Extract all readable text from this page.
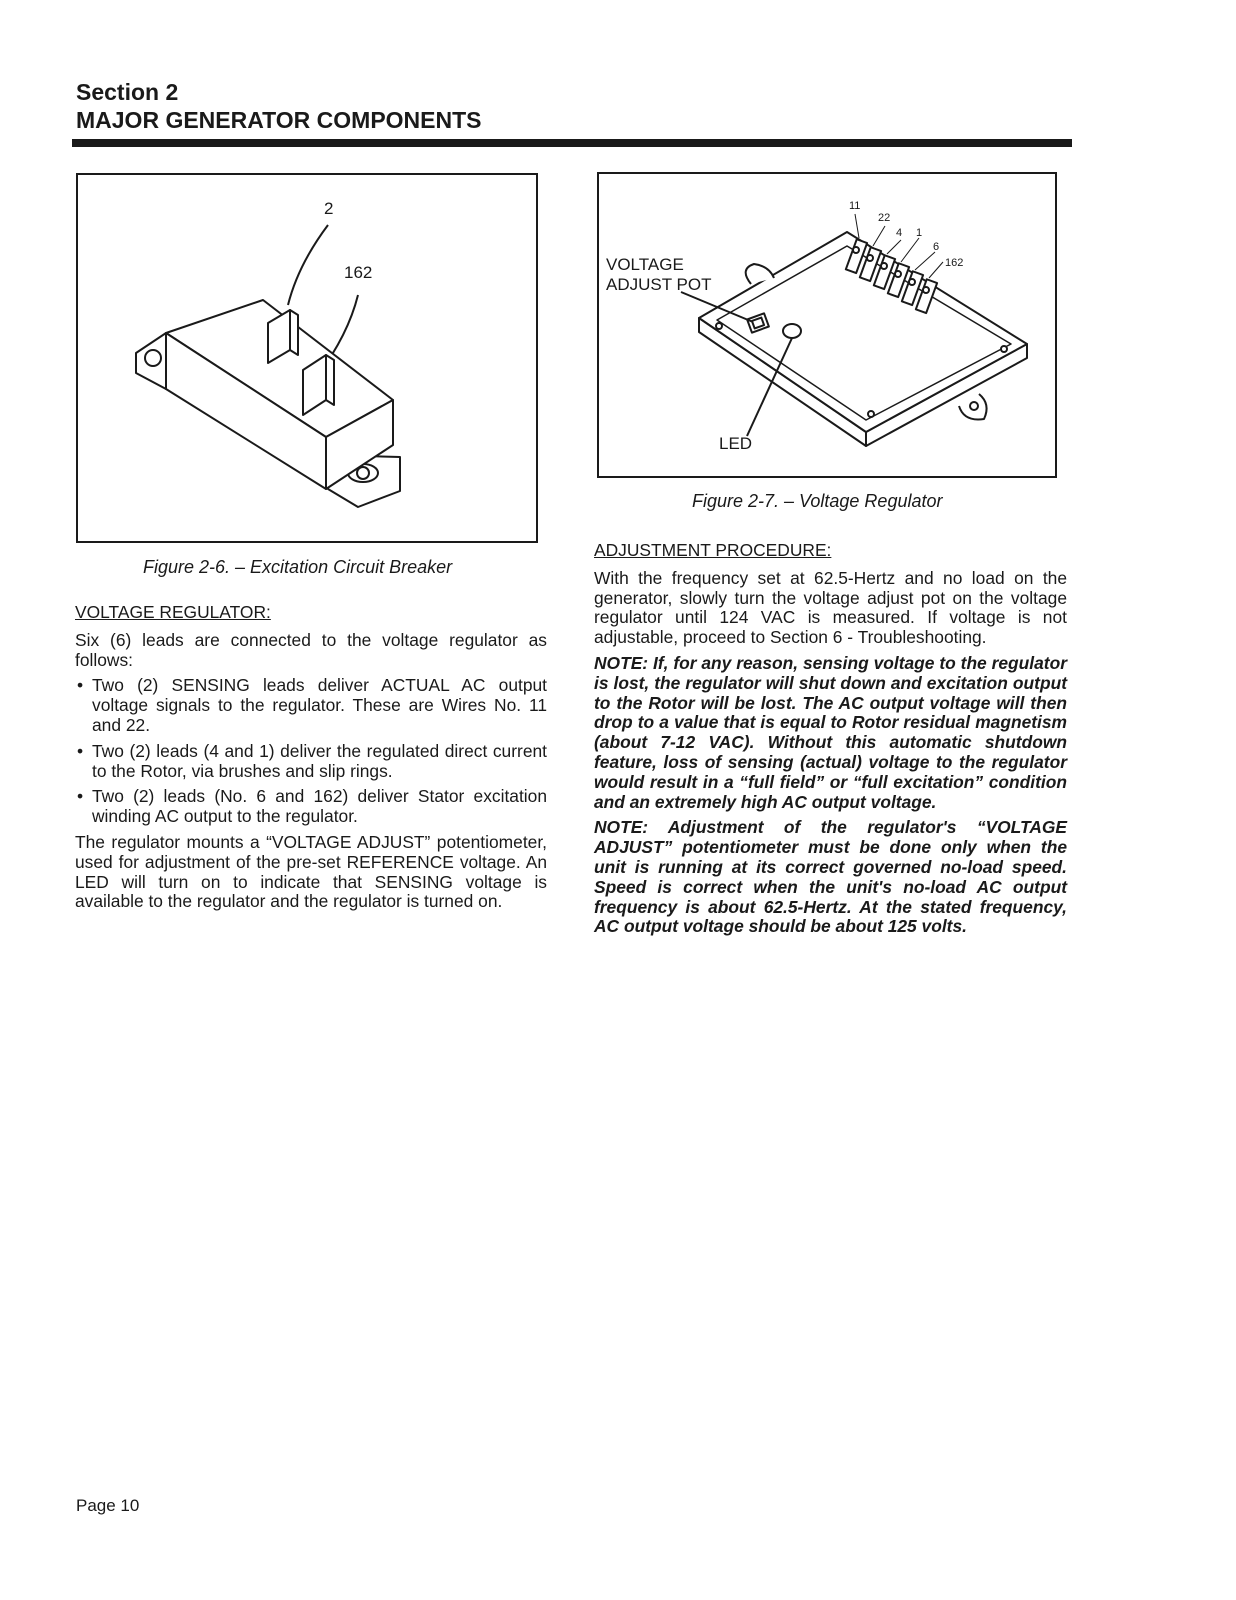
Section 2

MAJOR GENERATOR COMPONENTS

2
162	VOLTAGE
ADJUST POT
LED
11
22
4 1
6
162
Figure 2-7. – Voltage Regulator
Figure 2-6. – Excitation Circuit Breaker

VOLTAGE REGULATOR:

Six (6) leads are connected to the voltage regulator as follows:

• Two (2) SENSING leads deliver ACTUAL AC output voltage signals to the regulator. These are Wires No. 11 and 22.
• Two (2) leads (4 and 1) deliver the regulated direct current to the Rotor, via brushes and slip rings.
• Two (2) leads (No. 6 and 162) deliver Stator excitation winding AC output to the regulator.

The regulator mounts a “VOLTAGE ADJUST” potentiometer, used for adjustment of the pre-set REFERENCE voltage. An LED will turn on to indicate that SENSING voltage is available to the regulator and the regulator is turned on.

ADJUSTMENT PROCEDURE:

With the frequency set at 62.5-Hertz and no load on the generator, slowly turn the voltage adjust pot on the voltage regulator until 124 VAC is measured. If voltage is not adjustable, proceed to Section 6 - Troubleshooting.

NOTE: If, for any reason, sensing voltage to the regulator is lost, the regulator will shut down and excitation output to the Rotor will be lost. The AC output voltage will then drop to a value that is equal to Rotor residual magnetism (about 7-12 VAC). Without this automatic shutdown feature, loss of sensing (actual) voltage to the regulator would result in a “full field” or “full excitation” condition and an extremely high AC output voltage.

NOTE: Adjustment of the regulator's “VOLTAGE ADJUST” potentiometer must be done only when the unit is running at its correct governed no-load speed. Speed is correct when the unit's no-load AC output frequency is about 62.5-Hertz. At the stated frequency, AC output voltage should be about 125 volts.

Page 10
